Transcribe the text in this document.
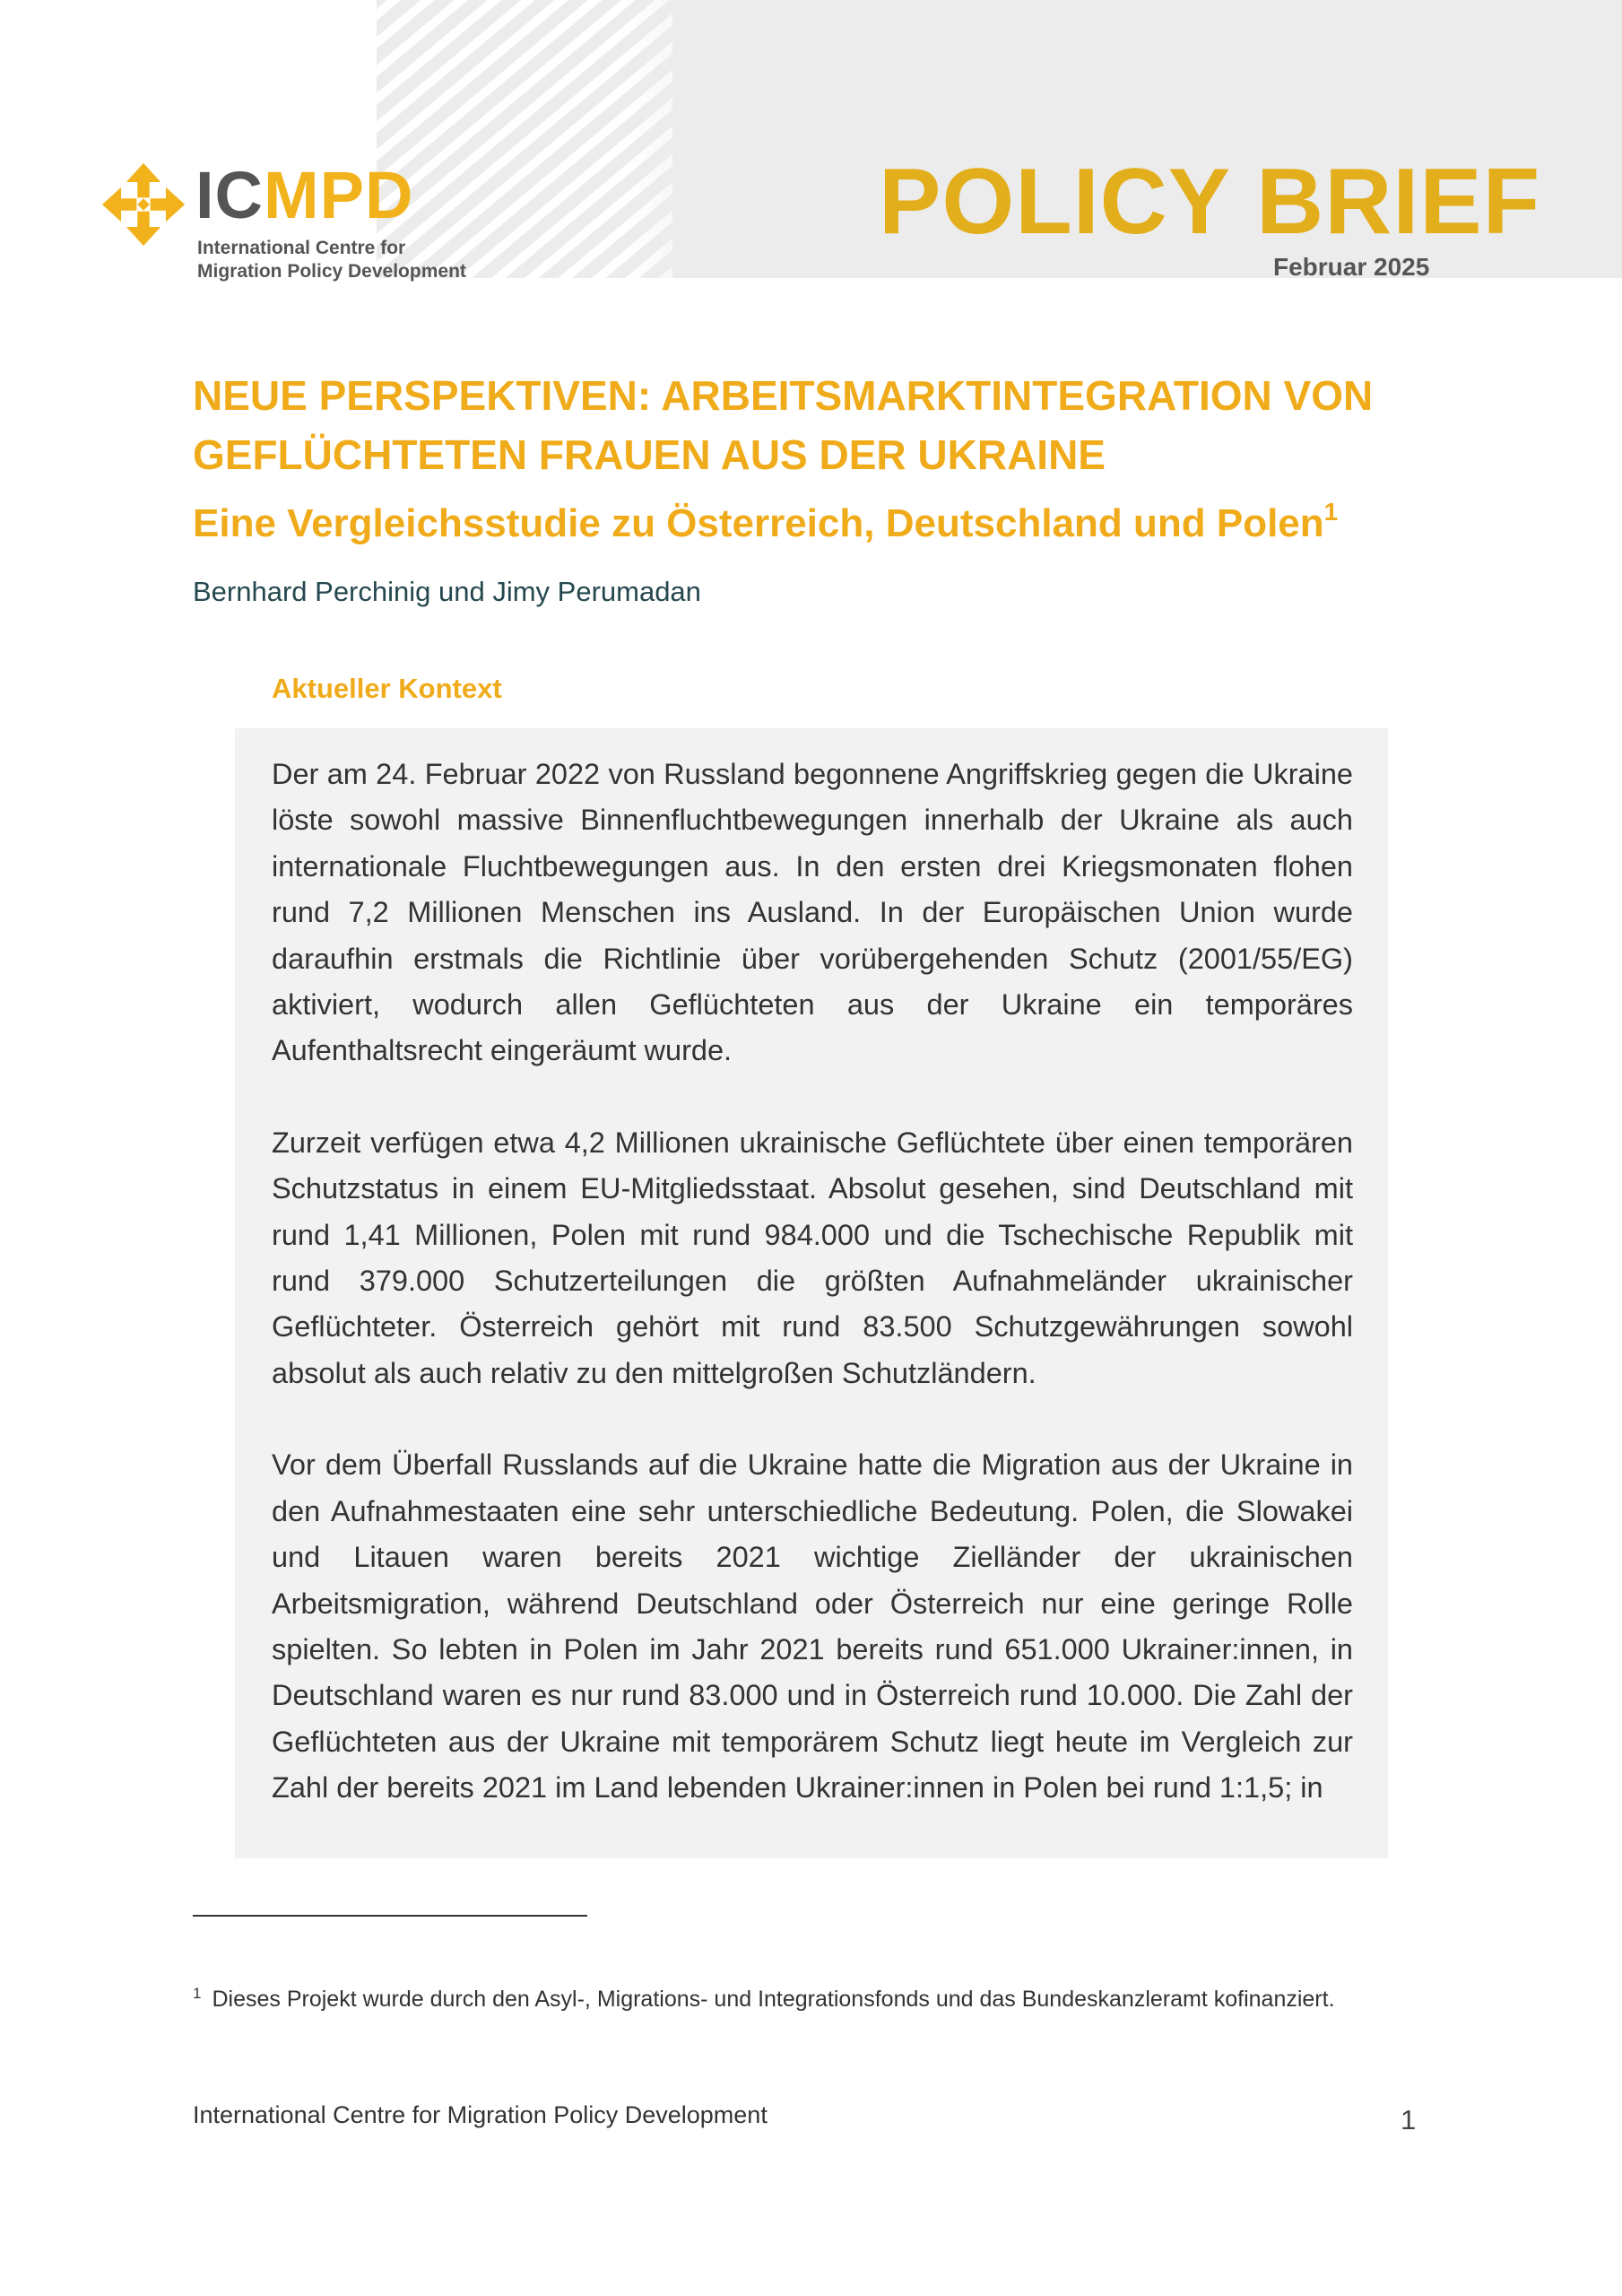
ICMPD
International Centre for
Migration Policy Development
POLICY BRIEF
Februar 2025
NEUE PERSPEKTIVEN: ARBEITSMARKTINTEGRATION VON
GEFLÜCHTETEN FRAUEN AUS DER UKRAINE
Eine Vergleichsstudie zu Österreich, Deutschland und Polen$^1$
Bernhard Perchinig und Jimy Perumadan
Aktueller Kontext

Der am 24. Februar 2022 von Russland begonnene Angriffskrieg gegen die Ukraine löste sowohl massive Binnenfluchtbewegungen innerhalb der Ukraine als auch internationale Fluchtbewegungen aus. In den ersten drei Kriegsmonaten flohen rund 7,2 Millionen Menschen ins Ausland. In der Europäischen Union wurde daraufhin erstmals die Richtlinie über vorübergehenden Schutz (2001/55/EG) aktiviert, wodurch allen Geflüchteten aus der Ukraine ein temporäres Aufenthaltsrecht eingeräumt wurde.

Zurzeit verfügen etwa 4,2 Millionen ukrainische Geflüchtete über einen temporären Schutzstatus in einem EU-Mitgliedsstaat. Absolut gesehen, sind Deutschland mit rund 1,41 Millionen, Polen mit rund 984.000 und die Tschechische Republik mit rund 379.000 Schutzerteilungen die größten Aufnahmeländer ukrainischer Geflüchteter. Österreich gehört mit rund 83.500 Schutzgewährungen sowohl absolut als auch relativ zu den mittelgroßen Schutzländern.

Vor dem Überfall Russlands auf die Ukraine hatte die Migration aus der Ukraine in den Aufnahmestaaten eine sehr unterschiedliche Bedeutung. Polen, die Slowakei und Litauen waren bereits 2021 wichtige Zielländer der ukrainischen Arbeitsmigration, während Deutschland oder Österreich nur eine geringe Rolle spielten. So lebten in Polen im Jahr 2021 bereits rund 651.000 Ukrainer:innen, in Deutschland waren es nur rund 83.000 und in Österreich rund 10.000. Die Zahl der Geflüchteten aus der Ukraine mit temporärem Schutz liegt heute im Vergleich zur Zahl der bereits 2021 im Land lebenden Ukrainer:innen in Polen bei rund 1:1,5; in

$^1$ Dieses Projekt wurde durch den Asyl-, Migrations- und Integrationsfonds und das Bundeskanzleramt kofinanziert.
International Centre for Migration Policy Development	1
